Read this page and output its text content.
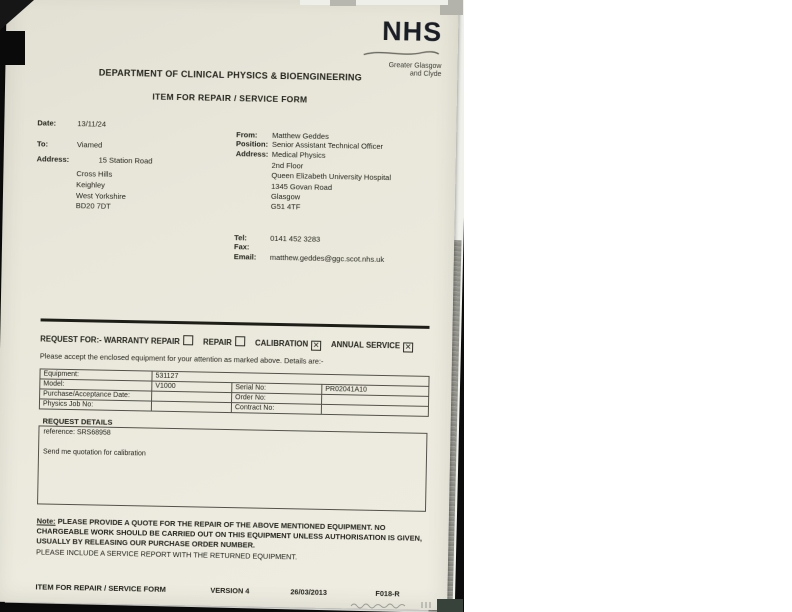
NHS
Greater Glasgow
and Clyde
DEPARTMENT OF CLINICAL PHYSICS & BIOENGINEERING
ITEM FOR REPAIR / SERVICE FORM
Date:	13/11/24
To:	Viamed
Address:	15 Station Road
Cross Hills
Keighley
West Yorkshire
BD20 7DT
From: Matthew Geddes
Position: Senior Assistant Technical Officer
Address: Medical Physics
2nd Floor
Queen Elizabeth University Hospital
1345 Govan Road
Glasgow
G51 4TF
Tel:	0141 452 3283
Fax:
Email: matthew.geddes@ggc.scot.nhs.uk
REQUEST FOR:- WARRANTY REPAIR	REPAIR	CALIBRATION ✕ ANNUAL SERVICE ✕
Please accept the enclosed equipment for your attention as marked above. Details are:-
Equipment:	531127		
Model:	V1000	Serial No:	PR02041A10
Purchase/Acceptance Date:		Order No:	
Physics Job No:		Contract No:	
REQUEST DETAILS
reference: SRS68958
Send me quotation for calibration

Note: PLEASE PROVIDE A QUOTE FOR THE REPAIR OF THE ABOVE MENTIONED EQUIPMENT. NO CHARGEABLE WORK SHOULD BE CARRIED OUT ON THIS EQUIPMENT UNLESS AUTHORISATION IS GIVEN, USUALLY BY RELEASING OUR PURCHASE ORDER NUMBER.

PLEASE INCLUDE A SERVICE REPORT WITH THE RETURNED EQUIPMENT.
ITEM FOR REPAIR / SERVICE FORM	VERSION 4	26/03/2013	F018-R
